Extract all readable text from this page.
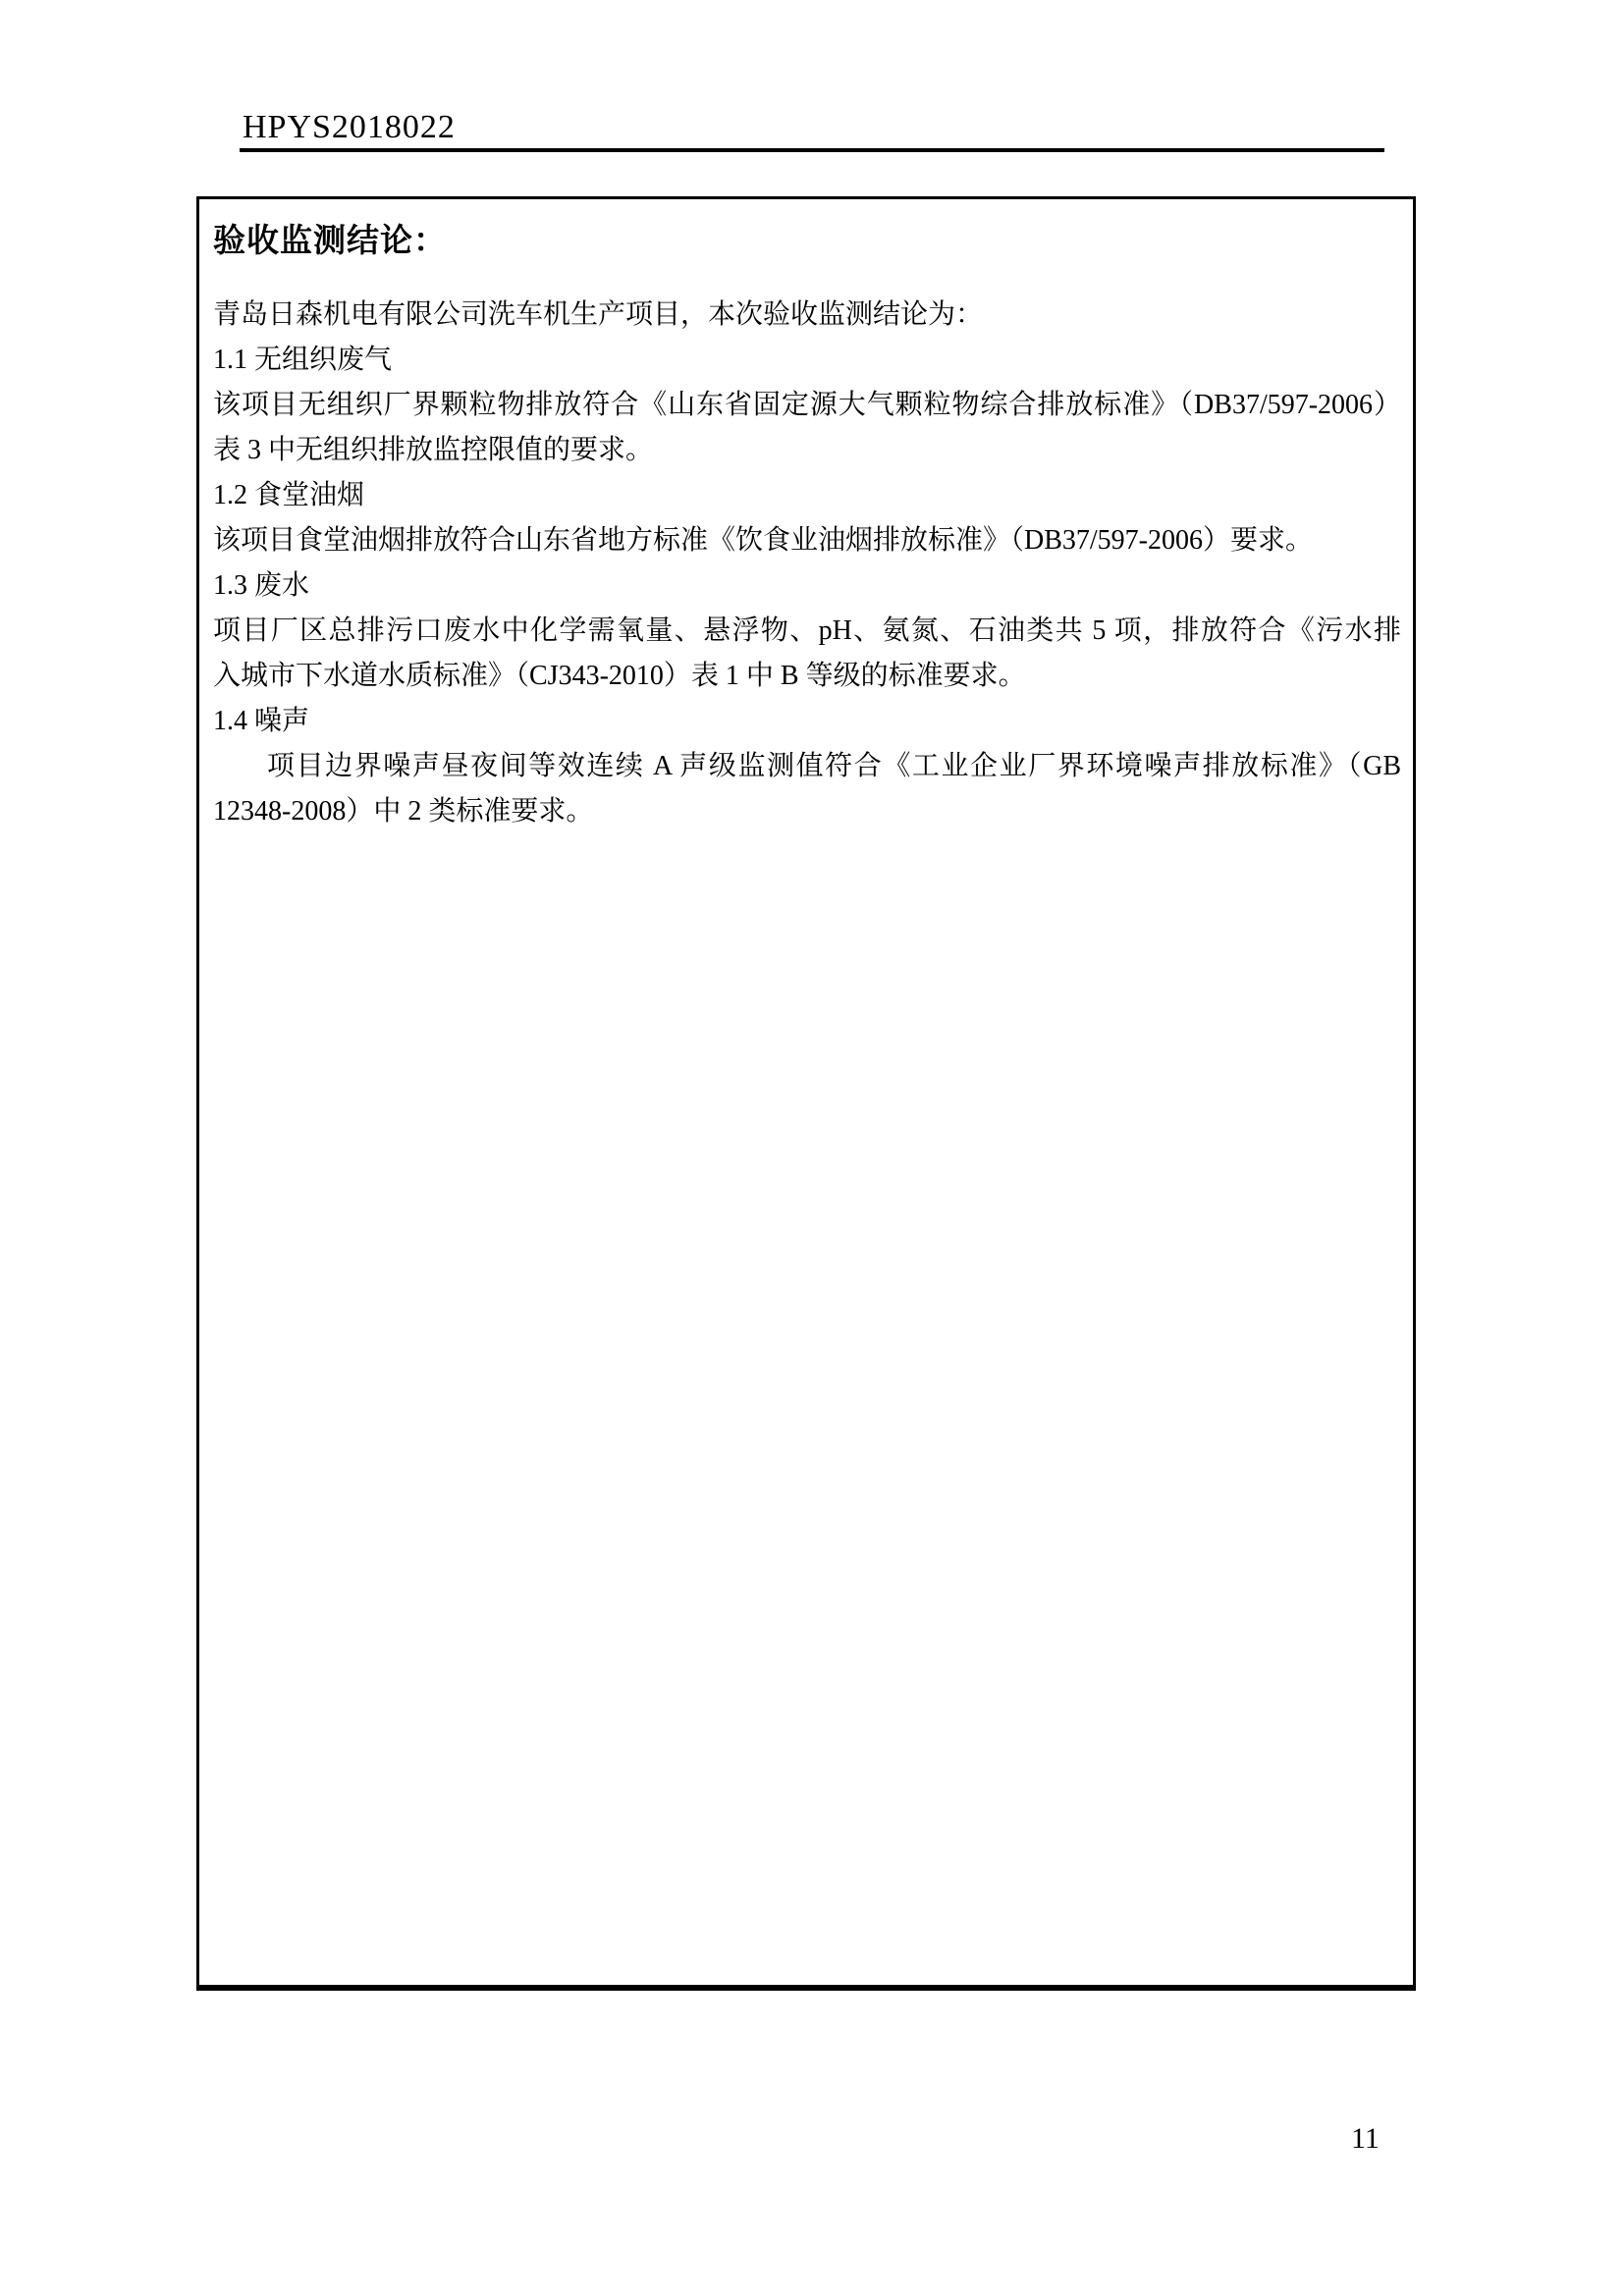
HPYS2018022
验收监测结论：
青岛日森机电有限公司洗车机生产项目，本次验收监测结论为：
1.1 无组织废气
该项目无组织厂界颗粒物排放符合《山东省固定源大气颗粒物综合排放标准》（DB37/597-2006）
表 3 中无组织排放监控限值的要求。
1.2 食堂油烟
该项目食堂油烟排放符合山东省地方标准《饮食业油烟排放标准》（DB37/597-2006）要求。
1.3 废水
项目厂区总排污口废水中化学需氧量、悬浮物、pH、氨氮、石油类共 5 项，排放符合《污水排
入城市下水道水质标准》（CJ343-2010）表 1 中 B 等级的标准要求。
1.4 噪声
项目边界噪声昼夜间等效连续 A 声级监测值符合《工业企业厂界环境噪声排放标准》（GB
12348-2008）中 2 类标准要求。
11
